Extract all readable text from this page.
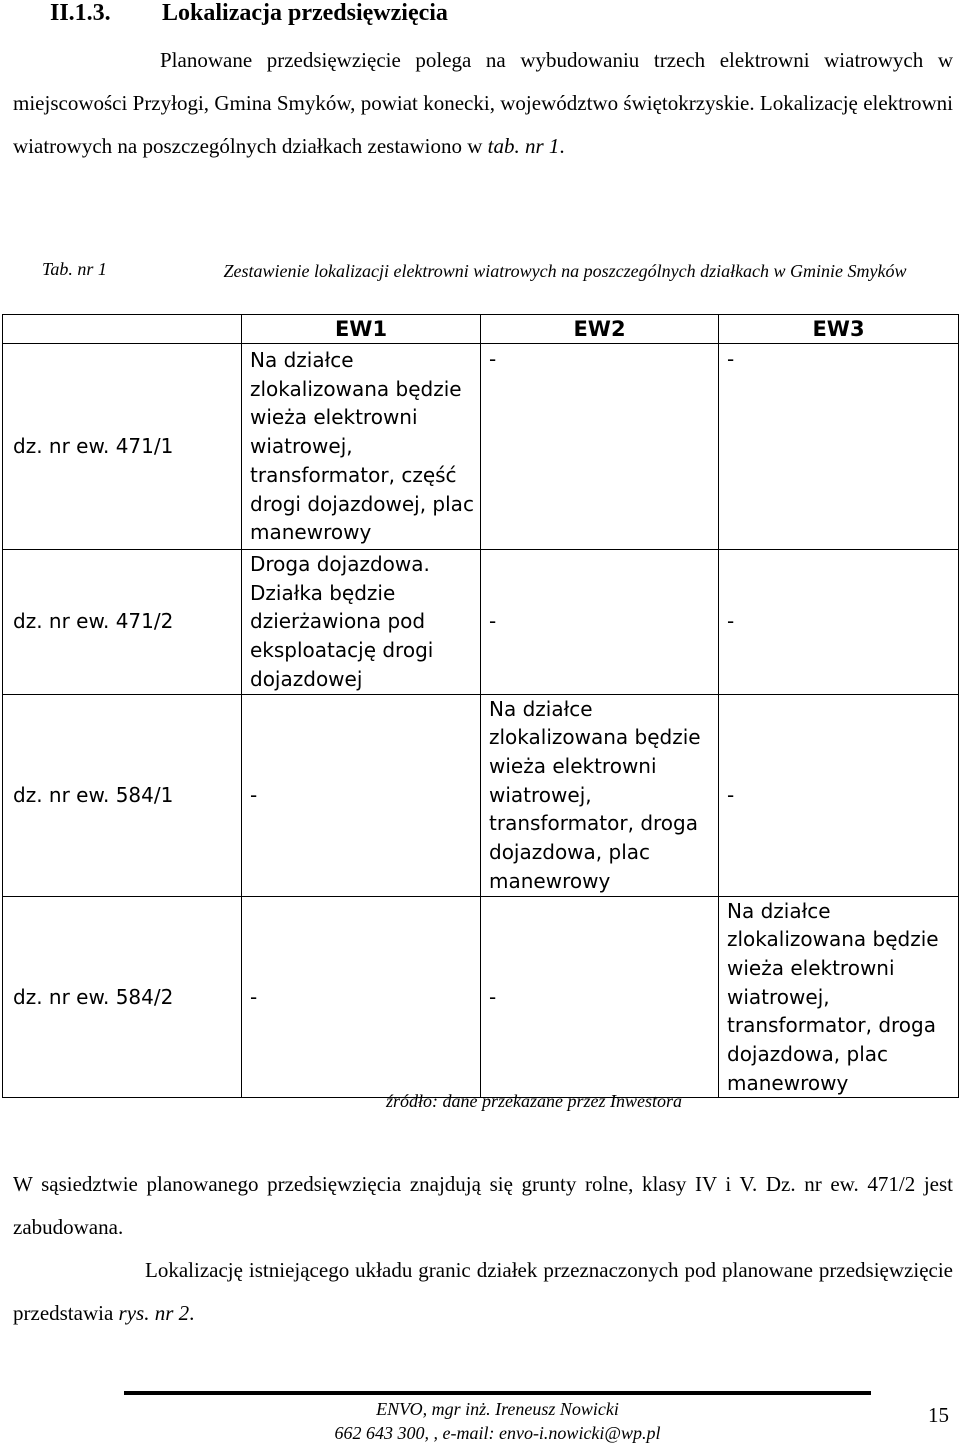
II.1.3. Lokalizacja przedsięwzięcia

Planowane przedsięwzięcie polega na wybudowaniu trzech elektrowni wiatrowych w miejscowości Przyłogi, Gmina Smyków, powiat konecki, województwo świętokrzyskie. Lokalizację elektrowni wiatrowych na poszczególnych działkach zestawiono w tab. nr 1.

Tab. nr 1	Zestawienie lokalizacji elektrowni wiatrowych na poszczególnych działkach w Gminie Smyków
	EW1	EW2	EW3
dz. nr ew. 471/1	Na działce zlokalizowana będzie wieża elektrowni wiatrowej, transformator, część drogi dojazdowej, plac manewrowy	-	-
dz. nr ew. 471/2	Droga dojazdowa. Działka będzie dzierżawiona pod eksploatację drogi dojazdowej	-	-
dz. nr ew. 584/1	-	Na działce zlokalizowana będzie wieża elektrowni wiatrowej, transformator, droga dojazdowa, plac manewrowy	-
dz. nr ew. 584/2	-	-	Na działce zlokalizowana będzie wieża elektrowni wiatrowej, transformator, droga dojazdowa, plac manewrowy
źródło: dane przekazane przez Inwestora

W sąsiedztwie planowanego przedsięwzięcia znajdują się grunty rolne, klasy IV i V. Dz. nr ew. 471/2 jest zabudowana.

Lokalizację istniejącego układu granic działek przeznaczonych pod planowane przedsięwzięcie przedstawia rys. nr 2.

ENVO, mgr inż. Ireneusz Nowicki
662 643 300, , e-mail: envo-i.nowicki@wp.pl
15
